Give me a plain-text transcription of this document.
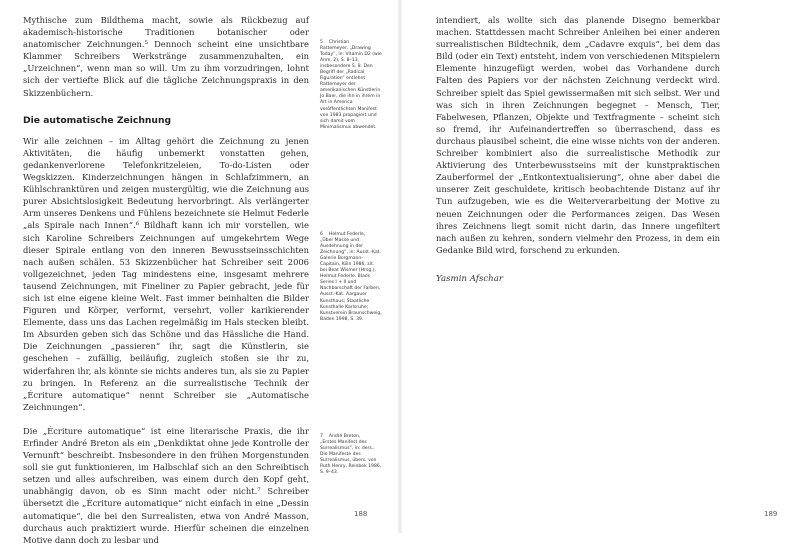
Mythische zum Bildthema macht, sowie als Rückbezug auf akademisch-historische Traditionen botanischer oder anatomischer Zeichnungen.⁵ Dennoch scheint eine unsichtbare Klammer Schreibers Werkstränge zusammenzuhalten, ein „Urzeichnen“, wenn man so will. Um zu ihm vorzudringen, lohnt sich der vertiefte Blick auf die tägliche Zeichnungspraxis in den Skizzenbüchern.

Die automatische Zeichnung

Wir alle zeichnen – im Alltag gehört die Zeichnung zu jenen Aktivitäten, die häufig unbemerkt vonstatten gehen, gedankenverlorene Telefonkritzeleien, To-do-Listen oder Wegskizzen. Kinderzeichnungen hängen in Schlafzimmern, an Kühlschranktüren und zeigen mustergültig, wie die Zeichnung aus purer Absichtslosigkeit Bedeutung hervorbringt. Als verlängerter Arm unseres Denkens und Fühlens bezeichnete sie Helmut Federle „als Spirale nach Innen“.⁶ Bildhaft kann ich mir vorstellen, wie sich Karoline Schreibers Zeichnungen auf umgekehrtem Wege dieser Spirale entlang von den inneren Bewusstseinsschichten nach außen schälen. 53 Skizzenbücher hat Schreiber seit 2006 vollgezeichnet, jeden Tag mindestens eine, insgesamt mehrere tausend Zeichnungen, mit Fineliner zu Papier gebracht, jede für sich ist eine eigene kleine Welt. Fast immer beinhalten die Bilder Figuren und Körper, verformt, versehrt, voller karikierender Elemente, dass uns das Lachen regelmäßig im Hals stecken bleibt. Im Absurden geben sich das Schöne und das Hässliche die Hand. Die Zeichnungen „passieren“ ihr, sagt die Künstlerin, sie geschehen – zufällig, beiläufig, zugleich stoßen sie ihr zu, widerfahren ihr, als könnte sie nichts anderes tun, als sie zu Papier zu bringen. In Referenz an die surrealistische Technik der „Écriture automatique“ nennt Schreiber sie „Automatische Zeichnungen“.

Die „Écriture automatique“ ist eine literarische Praxis, die ihr Erfinder André Breton als ein „Denkdiktat ohne jede Kontrolle der Vernunft“ beschreibt. Insbesondere in den frühen Morgenstunden soll sie gut funktionieren, im Halbschlaf sich an den Schreibtisch setzen und alles aufschreiben, was einem durch den Kopf geht, unabhängig davon, ob es Sinn macht oder nicht.⁷ Schreiber übersetzt die „Écriture automatique“ nicht einfach in eine „Dessin automatique“, die bei den Surrealisten, etwa von André Masson, durchaus auch praktiziert wurde. Hierfür scheinen die einzelnen Motive dann doch zu lesbar und

5 Christian
Rattemeyer, „Drawing Today“, in: Vitamin D2 (wie Anm. 2), S. 8–13, insbesondere S. 8. Den Begriff der „Radical Figuration“ entlehnt Rattemeyer der amerikanischen Künstlerin Jo Baer, die ihn in ihrem in Art in America veröffentlichten Manifest von 1983 propagiert und sich damit vom Minimalismus abwendet.
6 Helmut Federle,
„Über Masse und Ausdehnung in der Zeichnung“, in: Ausst.-Kat. Galerie Borgmann-Capitain, Köln 1986, zit. bei Beat Wismer (Hrsg.), Helmut Federle. Black Series I + II und Nachbarschaft der Farben, Ausst.-Kat. Aargauer Kunsthaus; Staatliche Kunsthalle Karlsruhe; Kunstverein Braunschweig, Baden 1998, S. 39.
7 André Breton,
„Erstes Manifest des Surrealismus“, in: ders., Die Manifeste des Surrealismus, übers. von Ruth Henry, Reinbek 1986, S. 9–43.
188

intendiert, als wollte sich das planende Disegno bemerkbar machen. Stattdessen macht Schreiber Anleihen bei einer anderen surrealistischen Bildtechnik, dem „Cadavre exquis“, bei dem das Bild (oder ein Text) entsteht, indem von verschiedenen Mitspielern Elemente hinzugefügt werden, wobei das Vorhandene durch Falten des Papiers vor der nächsten Zeichnung verdeckt wird. Schreiber spielt das Spiel gewissermaßen mit sich selbst. Wer und was sich in ihren Zeichnungen begegnet – Mensch, Tier, Fabelwesen, Pflanzen, Objekte und Textfragmente – scheint sich so fremd, ihr Aufeinandertreffen so überraschend, dass es durchaus plausibel scheint, die eine wisse nichts von der anderen. Schreiber kombiniert also die surrealistische Methodik zur Aktivierung des Unterbewusstseins mit der kunstpraktischen Zauberformel der „Entkontextualisierung“, ohne aber dabei die unserer Zeit geschuldete, kritisch beobachtende Distanz auf ihr Tun aufzugeben, wie es die Weiterverarbeitung der Motive zu neuen Zeichnungen oder die Performances zeigen. Das Wesen ihres Zeichnens liegt somit nicht darin, das Innere ungefiltert nach außen zu kehren, sondern vielmehr den Prozess, in dem ein Gedanke Bild wird, forschend zu erkunden.

Yasmin Afschar
189
